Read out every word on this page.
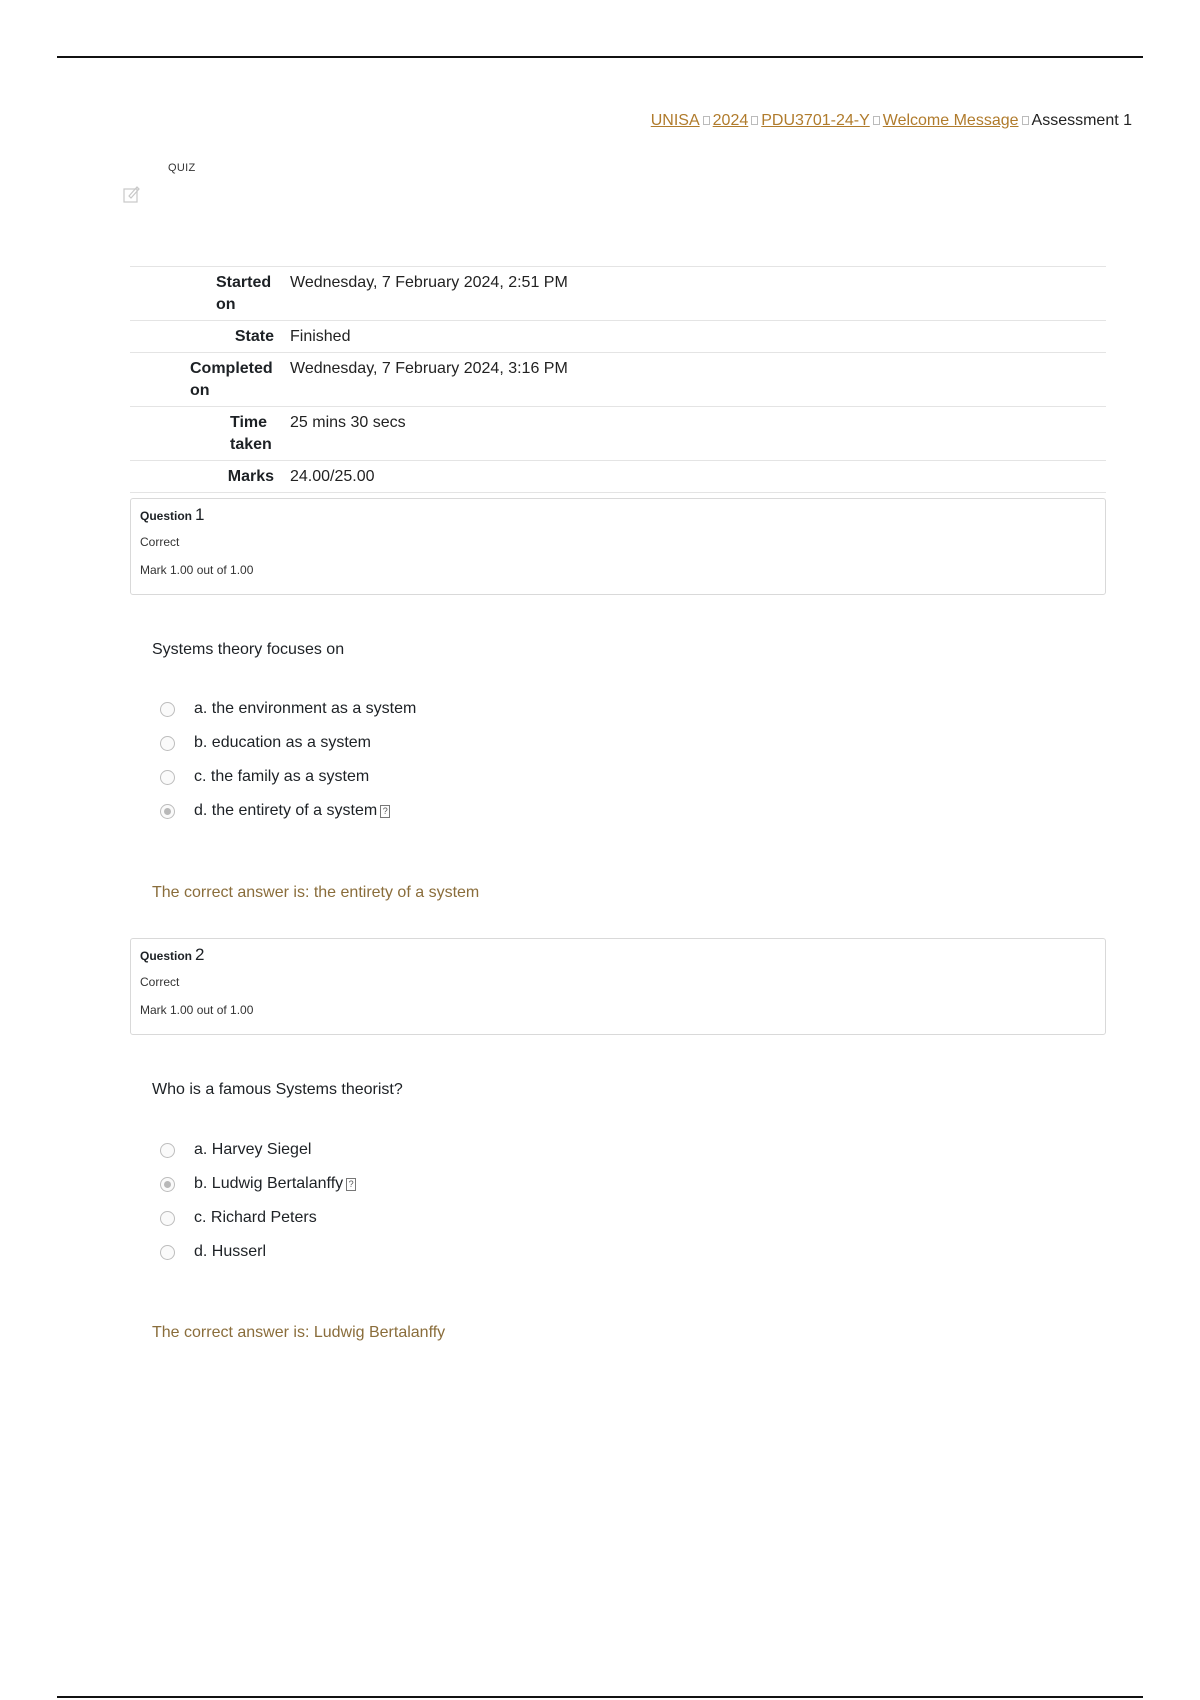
UNISA 2024 PDU3701-24-Y Welcome Message Assessment 1
QUIZ
Started on	Wednesday, 7 February 2024, 2:51 PM
State	Finished
Completed on	Wednesday, 7 February 2024, 3:16 PM
Time taken	25 mins 30 secs
Marks	24.00/25.00

Question 1
Correct
Mark 1.00 out of 1.00
Systems theory focuses on
a. the environment as a system
b. education as a system
c. the family as a system
d. the entirety of a system ?
The correct answer is: the entirety of a system
Question 2
Correct
Mark 1.00 out of 1.00
Who is a famous Systems theorist?
a. Harvey Siegel
b. Ludwig Bertalanffy ?
c. Richard Peters
d. Husserl
The correct answer is: Ludwig Bertalanffy
